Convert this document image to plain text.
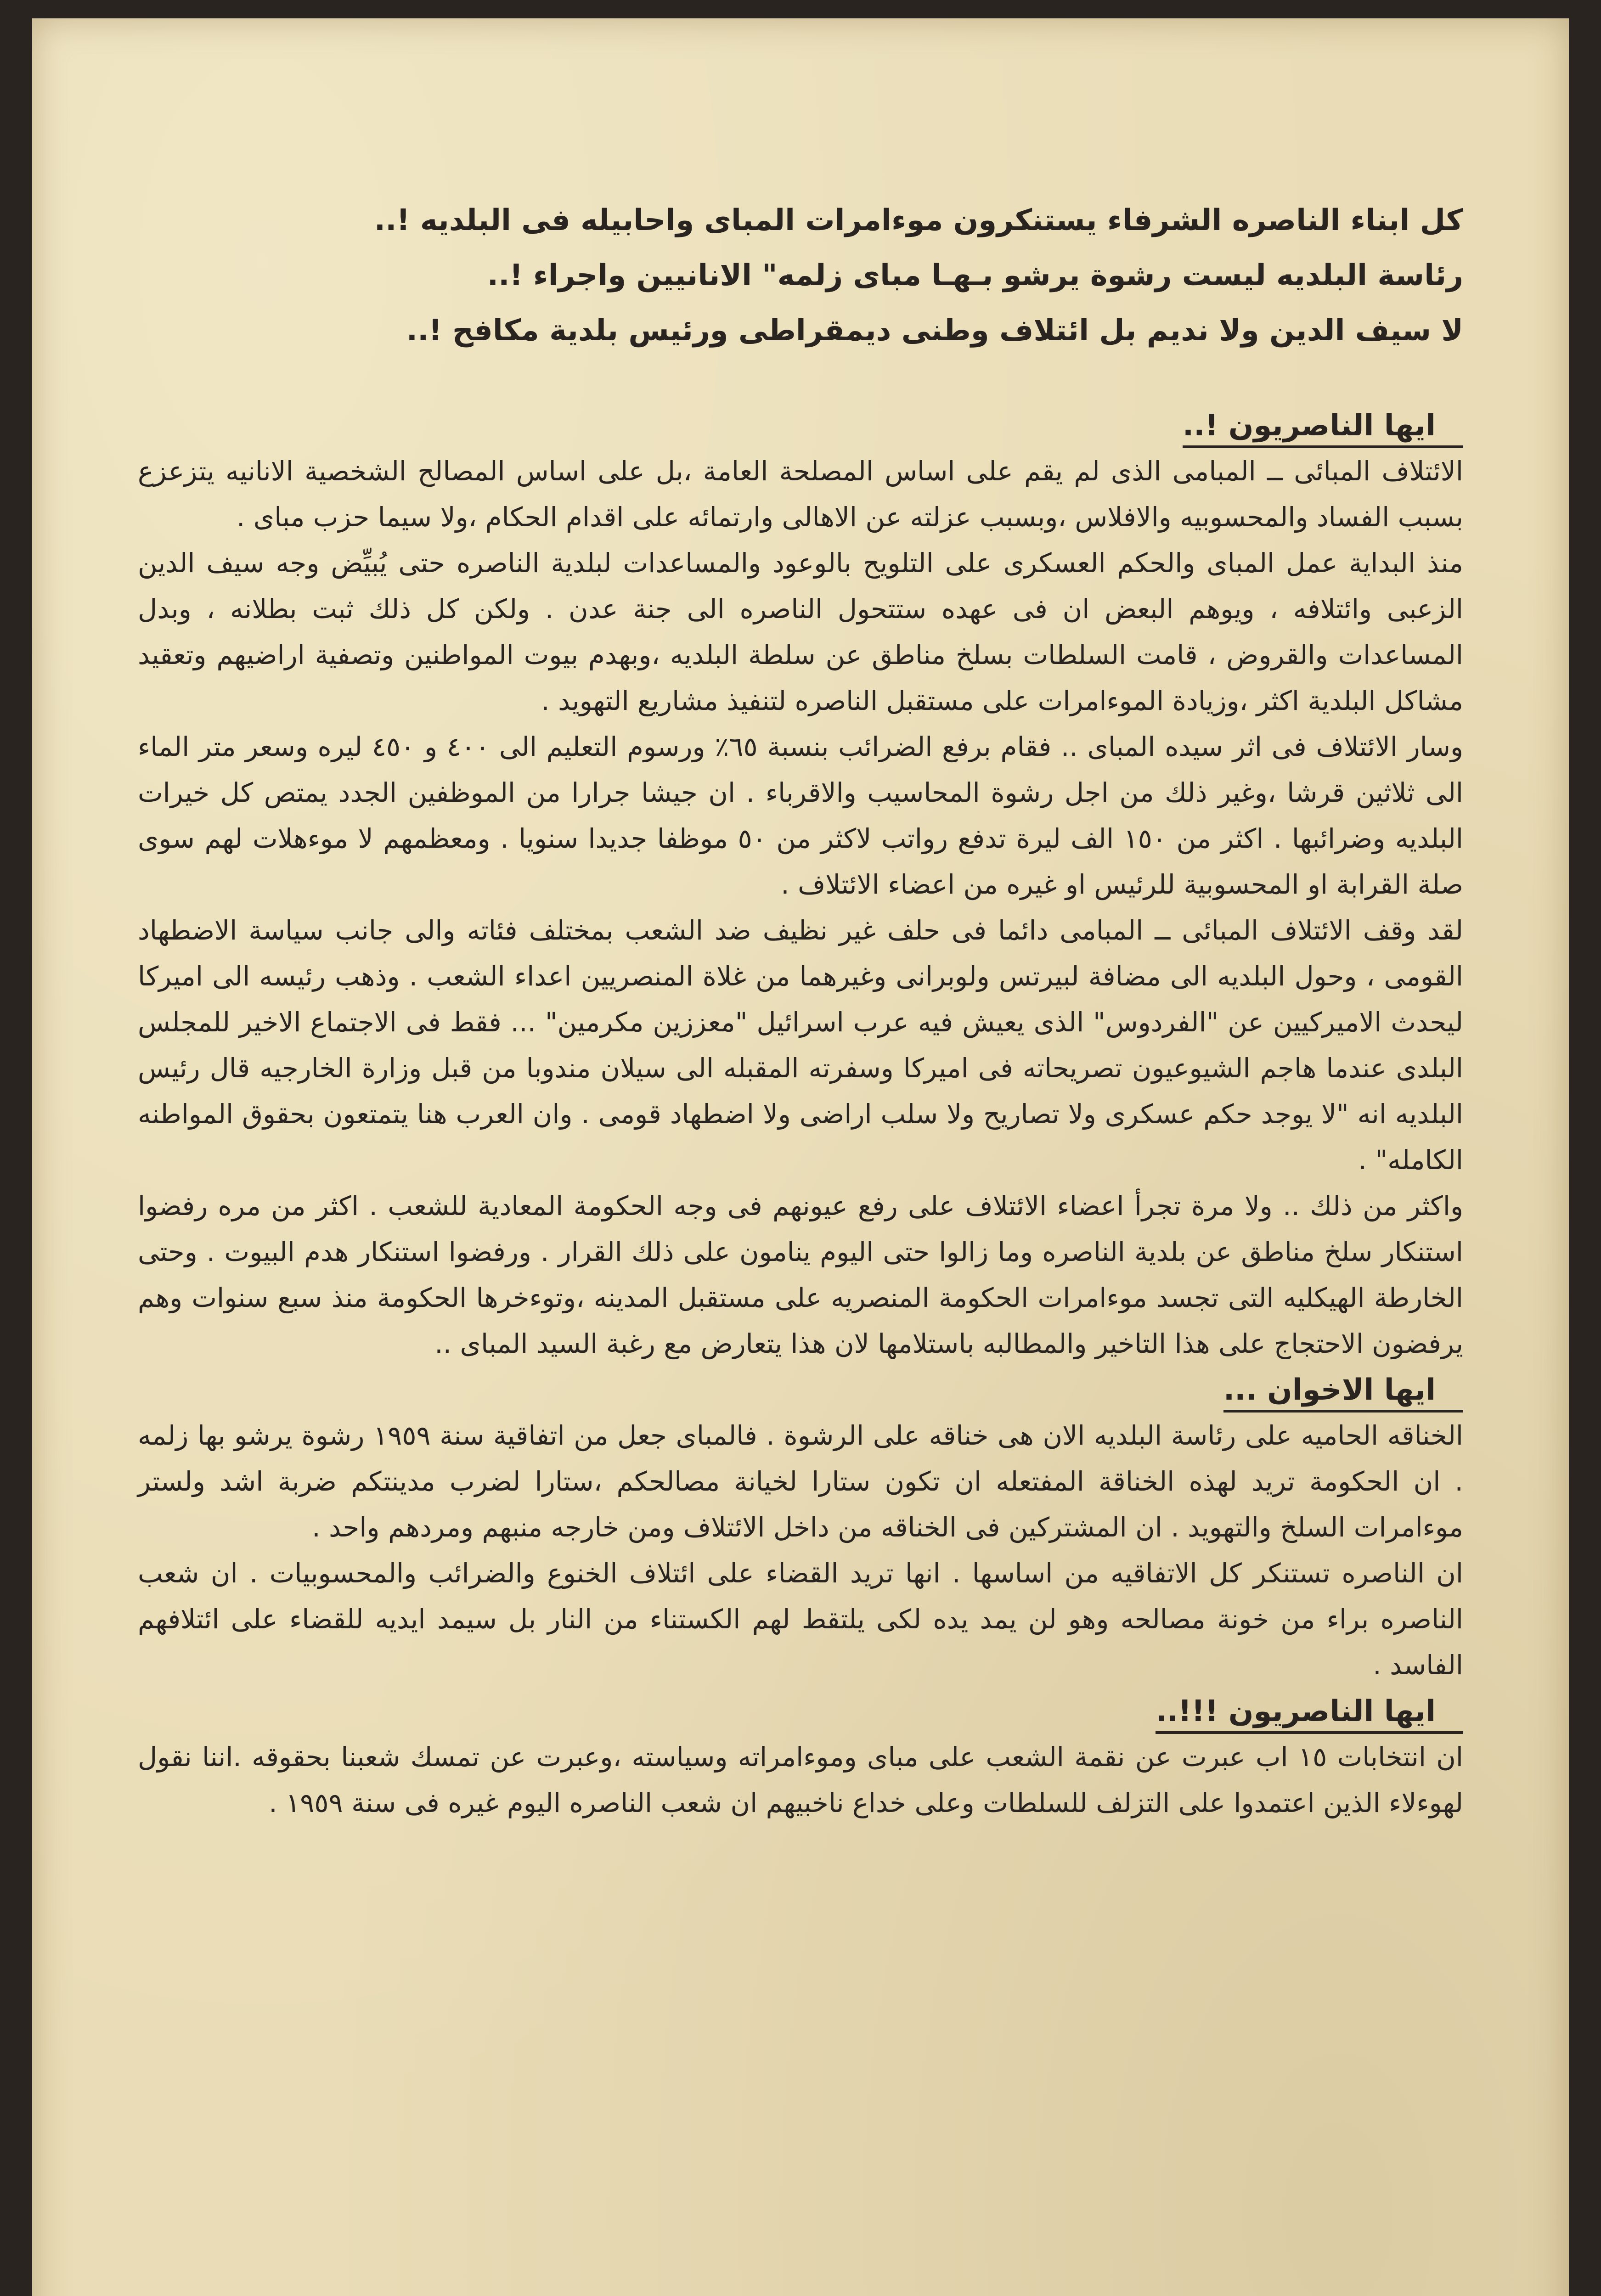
كل ابناء الناصره الشرفاء يستنكرون موءامرات المباى واحابيله فى البلديه !..

رئاسة البلديه ليست رشوة يرشو بـهـا مباى زلمه" الانانيين واجراء !..

لا سيف الدين ولا نديم بل ائتلاف وطنى ديمقراطى ورئيس بلدية مكافح !..

ايها الناصريون !..

الائتلاف المبائى ــ المبامى الذى لم يقم على اساس المصلحة العامة ،بل على اساس المصالح الشخصية الانانيه يتزعزع بسبب الفساد والمحسوبيه والافلاس ،وبسبب عزلته عن الاهالى وارتمائه على اقدام الحكام ،ولا سيما حزب مباى .

منذ البداية عمل المباى والحكم العسكرى على التلويح بالوعود والمساعدات لبلدية الناصره حتى يُبيِّض وجه سيف الدين الزعبى وائتلافه ، ويوهم البعض ان فى عهده ستتحول الناصره الى جنة عدن . ولكن كل ذلك ثبت بطلانه ، وبدل المساعدات والقروض ، قامت السلطات بسلخ مناطق عن سلطة البلديه ،وبهدم بيوت المواطنين وتصفية اراضيهم وتعقيد مشاكل البلدية اكثر ،وزيادة الموءامرات على مستقبل الناصره لتنفيذ مشاريع التهويد .

وسار الائتلاف فى اثر سيده المباى .. فقام برفع الضرائب بنسبة ٦٥٪ ورسوم التعليم الى ٤٠٠ و ٤٥٠ ليره وسعر متر الماء الى ثلاثين قرشا ،وغير ذلك من اجل رشوة المحاسيب والاقرباء . ان جيشا جرارا من الموظفين الجدد يمتص كل خيرات البلديه وضرائبها . اكثر من ١٥٠ الف ليرة تدفع رواتب لاكثر من ٥٠ موظفا جديدا سنويا . ومعظمهم لا موءهلات لهم سوى صلة القرابة او المحسوبية للرئيس او غيره من اعضاء الائتلاف .

لقد وقف الائتلاف المبائى ــ المبامى دائما فى حلف غير نظيف ضد الشعب بمختلف فئاته والى جانب سياسة الاضطهاد القومى ، وحول البلديه الى مضافة لبيرتس ولوبرانى وغيرهما من غلاة المنصريين اعداء الشعب . وذهب رئيسه الى اميركا ليحدث الاميركيين عن "الفردوس" الذى يعيش فيه عرب اسرائيل "معززين مكرمين" ... فقط فى الاجتماع الاخير للمجلس البلدى عندما هاجم الشيوعيون تصريحاته فى اميركا وسفرته المقبله الى سيلان مندوبا من قبل وزارة الخارجيه قال رئيس البلديه انه "لا يوجد حكم عسكرى ولا تصاريح ولا سلب اراضى ولا اضطهاد قومى . وان العرب هنا يتمتعون بحقوق المواطنه الكامله" .

واكثر من ذلك .. ولا مرة تجرأ اعضاء الائتلاف على رفع عيونهم فى وجه الحكومة المعادية للشعب . اكثر من مره رفضوا استنكار سلخ مناطق عن بلدية الناصره وما زالوا حتى اليوم ينامون على ذلك القرار . ورفضوا استنكار هدم البيوت . وحتى الخارطة الهيكليه التى تجسد موءامرات الحكومة المنصريه على مستقبل المدينه ،وتوءخرها الحكومة منذ سبع سنوات وهم يرفضون الاحتجاج على هذا التاخير والمطالبه باستلامها لان هذا يتعارض مع رغبة السيد المباى ..

ايها الاخوان ...

الخناقه الحاميه على رئاسة البلديه الان هى خناقه على الرشوة . فالمباى جعل من اتفاقية سنة ١٩٥٩ رشوة يرشو بها زلمه . ان الحكومة تريد لهذه الخناقة المفتعله ان تكون ستارا لخيانة مصالحكم ،ستارا لضرب مدينتكم ضربة اشد ولستر موءامرات السلخ والتهويد . ان المشتركين فى الخناقه من داخل الائتلاف ومن خارجه منبهم ومردهم واحد .

ان الناصره تستنكر كل الاتفاقيه من اساسها . انها تريد القضاء على ائتلاف الخنوع والضرائب والمحسوبيات . ان شعب الناصره براء من خونة مصالحه وهو لن يمد يده لكى يلتقط لهم الكستناء من النار بل سيمد ايديه للقضاء على ائتلافهم الفاسد .

ايها الناصريون !!!..

ان انتخابات ١٥ اب عبرت عن نقمة الشعب على مباى وموءامراته وسياسته ،وعبرت عن تمسك شعبنا بحقوقه .اننا نقول لهوءلاء الذين اعتمدوا على التزلف للسلطات وعلى خداع ناخبيهم ان شعب الناصره اليوم غيره فى سنة ١٩٥٩ .
